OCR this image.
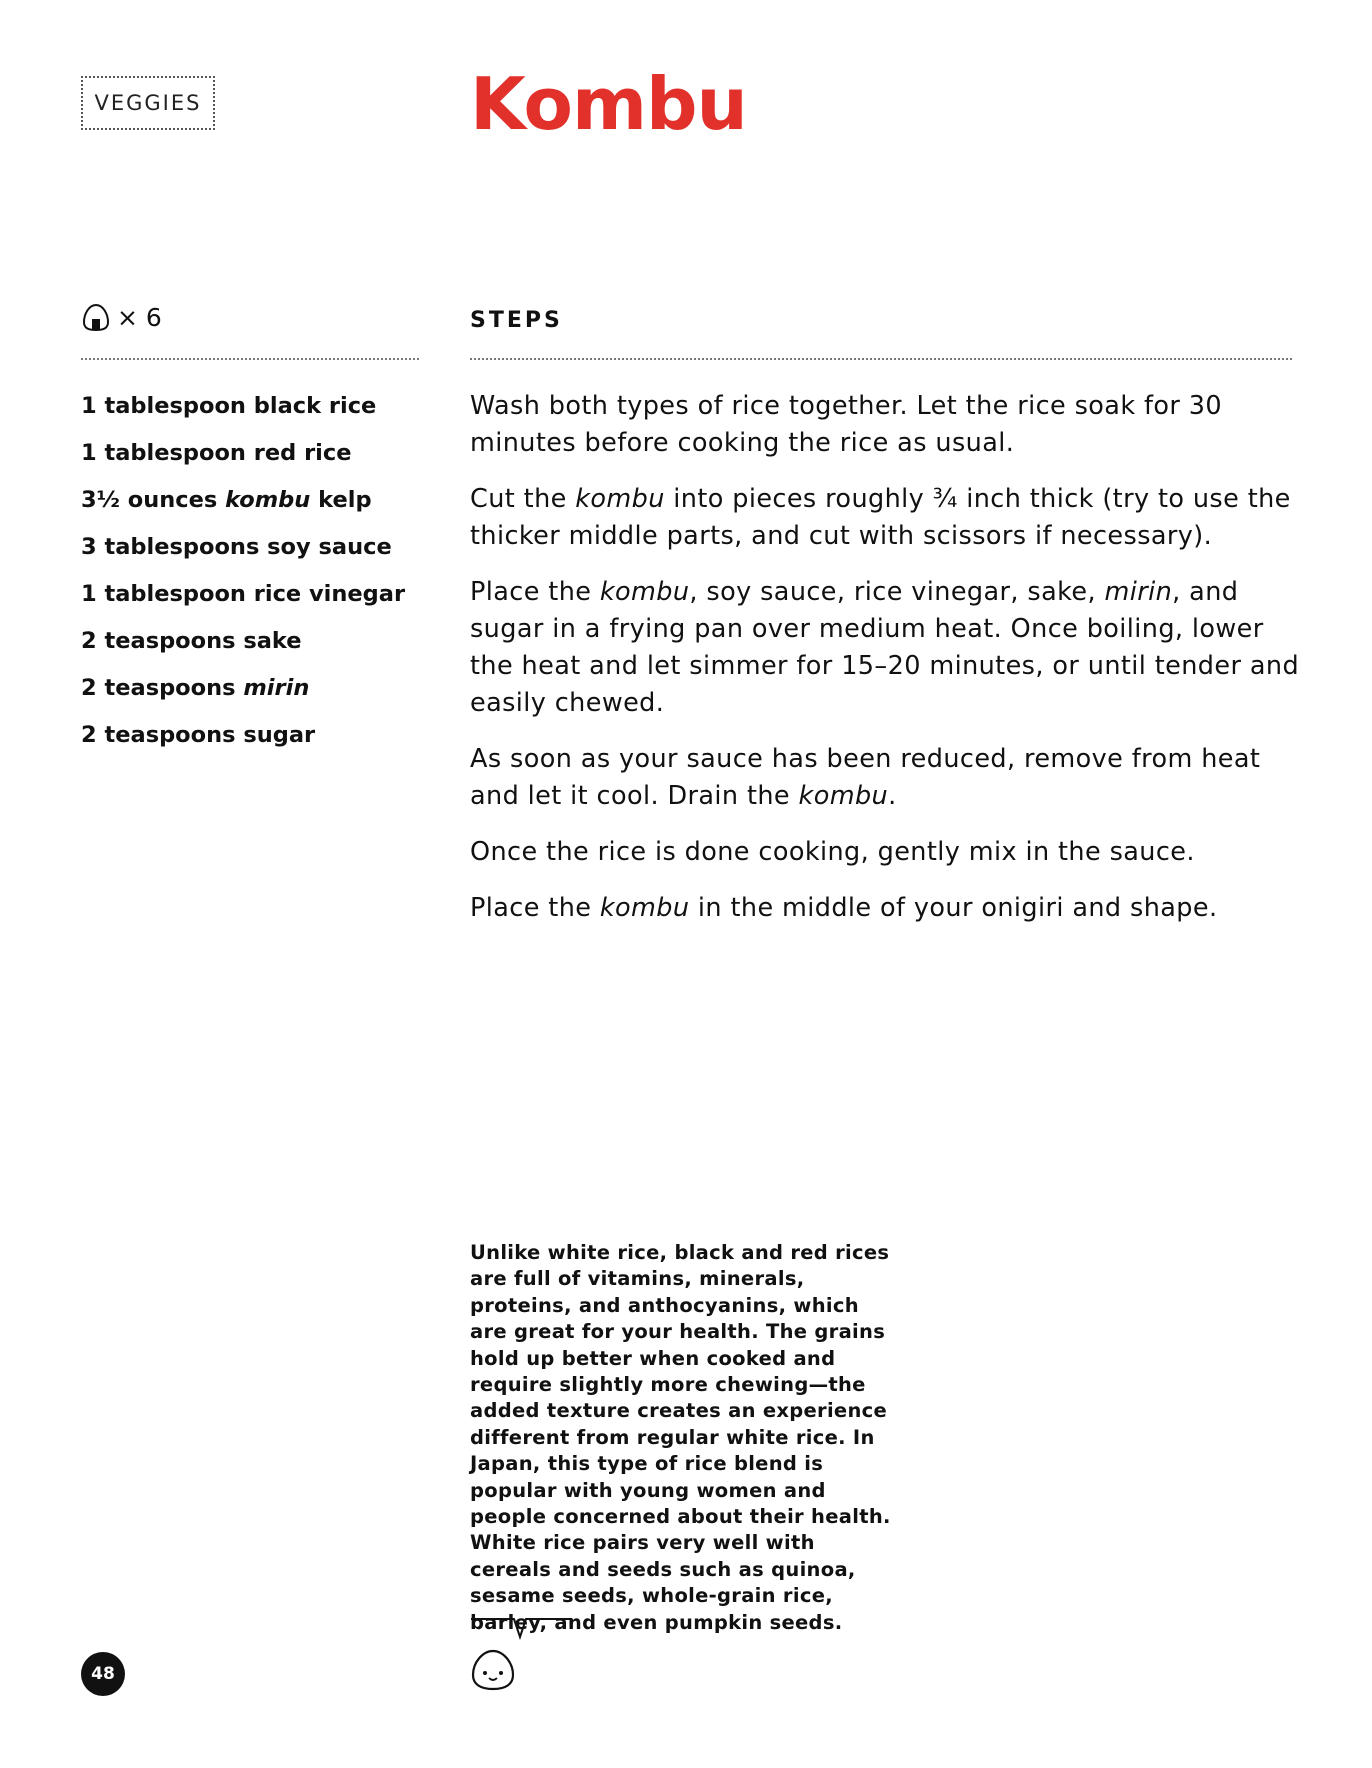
VEGGIES	Kombu
× 6	STEPS
1 tablespoon black rice
1 tablespoon red rice
3½ ounces kombu kelp
3 tablespoons soy sauce
1 tablespoon rice vinegar
2 teaspoons sake
2 teaspoons mirin
2 teaspoons sugar
Wash both types of rice together. Let the rice soak for 30 minutes before cooking the rice as usual.
Cut the kombu into pieces roughly ¾ inch thick (try to use the thicker middle parts, and cut with scissors if necessary).
Place the kombu, soy sauce, rice vinegar, sake, mirin, and sugar in a frying pan over medium heat. Once boiling, lower the heat and let simmer for 15–20 minutes, or until tender and easily chewed.
As soon as your sauce has been reduced, remove from heat and let it cool. Drain the kombu.
Once the rice is done cooking, gently mix in the sauce.
Place the kombu in the middle of your onigiri and shape.

Unlike white rice, black and red rices are full of vitamins, minerals, proteins, and anthocyanins, which are great for your health. The grains hold up better when cooked and require slightly more chewing—the added texture creates an experience different from regular white rice. In Japan, this type of rice blend is popular with young women and people concerned about their health. White rice pairs very well with cereals and seeds such as quinoa, sesame seeds, whole-grain rice, barley, and even pumpkin seeds.

48
